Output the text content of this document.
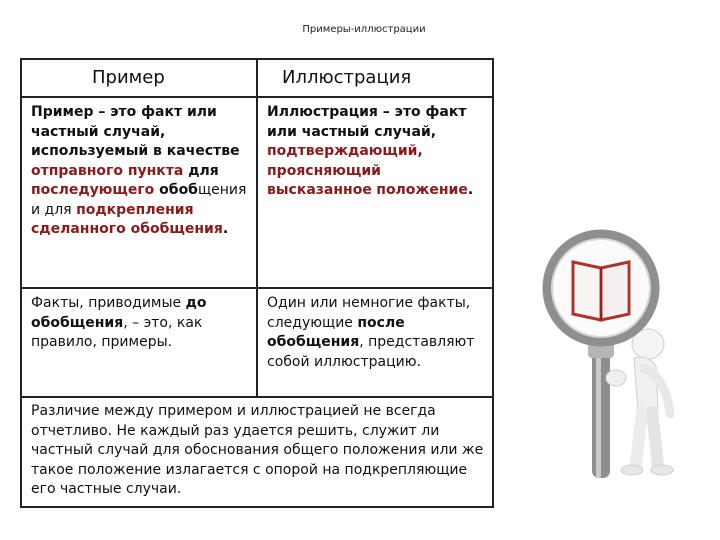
Примеры-иллюстрации
Пример	Иллюстрация
Пример – это факт или частный случай, используемый в качестве отправного пункта для последующего обобщения и для подкрепления сделанного обобщения.	Иллюстрация – это факт или частный случай, подтверждающий, проясняющий высказанное положение.
Факты, приводимые до обобщения, – это, как правило, примеры.	Один или немногие факты, следующие после обобщения, представляют собой иллюстрацию.
Различие между примером и иллюстрацией не всегда отчетливо. Не каждый раз удается решить, служит ли частный случай для обоснования общего положения или же такое положение излагается с опорой на подкрепляющие его частные случаи.	
